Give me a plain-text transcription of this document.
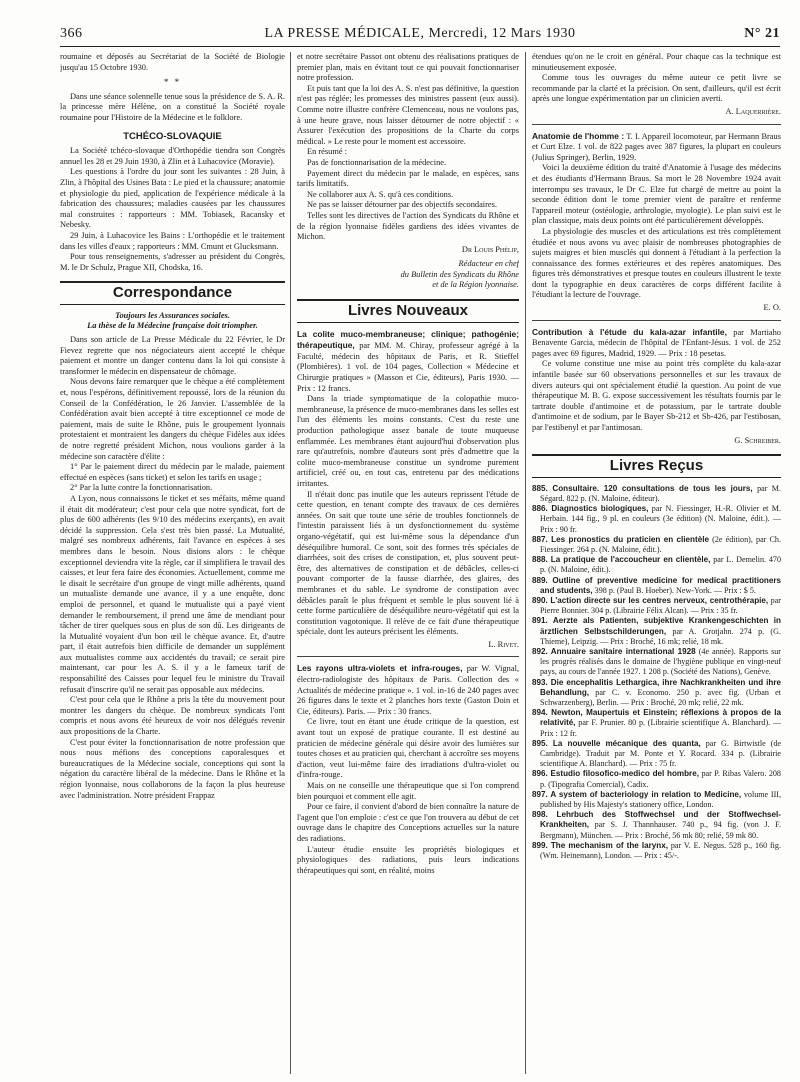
366	LA PRESSE MÉDICALE, Mercredi, 12 Mars 1930	N° 21

roumaine et déposés au Secrétariat de la Société de Biologie jusqu'au 15 Octobre 1930.

* *

Dans une séance solennelle tenue sous la présidence de S. A. R. la princesse mère Hélène, on a constitué la Société royale roumaine pour l'Histoire de la Médecine et le folklore.

TCHÉCO-SLOVAQUIE

La Société tchéco-slovaque d'Orthopédie tiendra son Congrès annuel les 28 et 29 Juin 1930, à Zlin et à Luhacovice (Moravie).

Les questions à l'ordre du jour sont les suivantes : 28 Juin, à Zlin, à l'hôpital des Usines Bata : Le pied et la chaussure; anatomie et physiologie du pied, application de l'expérience médicale à la fabrication des chaussures; maladies causées par les chaussures mal construites : rapporteurs : MM. Tobiasek, Racansky et Nebesky.

29 Juin, à Luhacovice les Bains : L'orthopédie et le traitement dans les villes d'eaux ; rapporteurs : MM. Cmunt et Glucksmann.

Pour tous renseignements, s'adresser au président du Congrès, M. le Dr Schulz, Prague XII, Chodska, 16.

Correspondance
Toujours les Assurances sociales.
La thèse de la Médecine française doit triompher.

Dans son article de La Presse Médicale du 22 Février, le Dr Fievez regrette que nos négociateurs aient accepté le chèque paiement et montre un danger contenu dans la loi qui consiste à transformer le médecin en dispensateur de chômage.

Nous devons faire remarquer que le chèque a été complètement et, nous l'espérons, définitivement repoussé, lors de la réunion du Conseil de la Confédération, le 26 Janvier. L'assemblée de la Confédération avait bien accepté à titre exceptionnel ce mode de paiement, mais de suite le Rhône, puis le groupement lyonnais protestaient et montraient les dangers du chèque Fidèles aux idées de notre regretté président Michon, nous voulions garder à la médecine son caractère d'élite :

1° Par le paiement direct du médecin par le malade, paiement effectué en espèces (sans ticket) et selon les tarifs en usage ;

2° Par la lutte contre la fonctionnarisation.

A Lyon, nous connaissons le ticket et ses méfaits, même quand il était dit modérateur; c'est pour cela que notre syndicat, fort de plus de 600 adhérents (les 9/10 des médecins exerçants), en avait décidé la suppression. Cela s'est très bien passé. La Mutualité, malgré ses nombreux adhérents, fait l'avance en espèces à ses membres dans le besoin. Nous disions alors : le chèque exceptionnel deviendra vite la règle, car il simplifiera le travail des caisses, et leur fera faire des économies. Actuellement, comme me le disait le secrétaire d'un groupe de vingt mille adhérents, quand un mutualiste demande une avance, il y a une enquête, donc emploi de personnel, et quand le mutualiste qui a payé vient demander le remboursement, il prend une âme de mendiant pour tâcher de tirer quelques sous en plus de son dû. Les dirigeants de la Mutualité voyaient d'un bon œil le chèque avance. Et, d'autre part, il était autrefois bien difficile de demander un supplément aux mutualistes comme aux accidentés du travail; ce serait pire maintenant, car pour les A. S. il y a le fameux tarif de responsabilité des Caisses pour lequel feu le ministre du Travail refusait d'inscrire qu'il ne serait pas opposable aux médecins.

C'est pour cela que le Rhône a pris la tête du mouvement pour montrer les dangers du chèque. De nombreux syndicats l'ont compris et nous avons été heureux de voir nos délégués revenir aux propositions de la Charte.

C'est pour éviter la fonctionnarisation de notre profession que nous nous méfions des conceptions caporalesques et bureaucratiques de la Médecine sociale, conceptions qui sont la négation du caractère libéral de la médecine. Dans le Rhône et la région lyonnaise, nous collaborons de la façon la plus heureuse avec l'administration. Notre président Frappaz

et notre secrétaire Passot ont obtenu des réalisations pratiques de premier plan, mais en évitant tout ce qui pouvait fonctionnariser notre profession.

Et puis tant que la loi des A. S. n'est pas définitive, la question n'est pas réglée; les promesses des ministres passent (eux aussi). Comme notre illustre confrère Clemenceau, nous ne voulons pas, à une heure grave, nous laisser détourner de notre objectif : « Assurer l'exécution des propositions de la Charte du corps médical. » Le reste pour le moment est accessoire.

En résumé :

Pas de fonctionnarisation de la médecine.

Payement direct du médecin par le malade, en espèces, sans tarifs limitatifs.

Ne collaborer aux A. S. qu'à ces conditions.

Ne pas se laisser détourner par des objectifs secondaires.

Telles sont les directives de l'action des Syndicats du Rhône et de la région lyonnaise fidèles gardiens des idées vivantes de Michon.

Dr Louis Phélip,
Rédacteur en chef
du Bulletin des Syndicats du Rhône
et de la Région lyonnaise.
Livres Nouveaux

La colite muco-membraneuse; clinique; pathogénie; thérapeutique, par MM. M. Chiray, professeur agrégé à la Faculté, médecin des hôpitaux de Paris, et R. Stieffel (Plombières). 1 vol. de 104 pages, Collection « Médecine et Chirurgie pratiques » (Masson et Cie, éditeurs), Paris 1930. — Prix : 12 francs.

Dans la triade symptomatique de la colopathie muco-membraneuse, la présence de muco-membranes dans les selles est l'un des éléments les moins constants. C'est du reste une production pathologique assez banale de toute muqueuse enflammée. Les membranes étant aujourd'hui d'observation plus rare qu'autrefois, nombre d'auteurs sont près d'admettre que la colite muco-membraneuse constitue un syndrome purement artificiel, créé ou, en tout cas, entretenu par des médications irritantes.

Il n'était donc pas inutile que les auteurs reprissent l'étude de cette question, en tenant compte des travaux de ces dernières années. On sait que toute une série de troubles fonctionnels de l'intestin paraissent liés à un dysfonctionnement du système organo-végétatif, qui est lui-même sous la dépendance d'un déséquilibre humoral. Ce sont, soit des formes très spéciales de diarrhées, soit des crises de constipation, et, plus souvent peut-être, des alternatives de constipation et de débâcles, celles-ci pouvant comporter de la fausse diarrhée, des glaires, des membranes et du sable. Le syndrome de constipation avec débâcles paraît le plus fréquent et semble le plus souvent lié à cette forme particulière de déséquilibre neuro-végétatif qui est la constitution vagotonique. Il relève de ce fait d'une thérapeutique spéciale, dont les auteurs précisent les éléments.

L. Rivet.

Les rayons ultra-violets et infra-rouges, par W. Vignal, électro-radiologiste des hôpitaux de Paris. Collection des « Actualités de médecine pratique ». 1 vol. in-16 de 240 pages avec 26 figures dans le texte et 2 planches hors texte (Gaston Doin et Cie, éditeurs). Paris. — Prix : 30 francs.

Ce livre, tout en étant une étude critique de la question, est avant tout un exposé de pratique courante. Il est destiné au praticien de médecine générale qui désire avoir des lumières sur toutes choses et au praticien qui, cherchant à accroître ses moyens d'action, veut lui-même faire des irradiations d'ultra-violet ou d'infra-rouge.

Mais on ne conseille une thérapeutique que si l'on comprend bien pourquoi et comment elle agit.

Pour ce faire, il convient d'abord de bien connaître la nature de l'agent que l'on emploie : c'est ce que l'on trouvera au début de cet ouvrage dans le chapitre des Conceptions actuelles sur la nature des radiations.

L'auteur étudie ensuite les propriétés biologiques et physiologiques des radiations, puis leurs indications thérapeutiques qui sont, en réalité, moins

étendues qu'on ne le croit en général. Pour chaque cas la technique est minutieusement exposée.

Comme tous les ouvrages du même auteur ce petit livre se recommande par la clarté et la précision. On sent, d'ailleurs, qu'il est écrit après une longue expérimentation par un clinicien averti.

A. Laquerrière.

Anatomie de l'homme : T. I. Appareil locomoteur, par Hermann Braus et Curt Elze. 1 vol. de 822 pages avec 387 figures, la plupart en couleurs (Julius Springer), Berlin, 1929.

Voici la deuxième édition du traité d'Anatomie à l'usage des médecins et des étudiants d'Hermann Braus. Sa mort le 28 Novembre 1924 avait interrompu ses travaux, le Dr C. Elze fut chargé de mettre au point la seconde édition dont le tome premier vient de paraître et renferme l'appareil moteur (ostéologie, arthrologie, myologie). Le plan suivi est le plan classique, mais deux points ont été particulièrement développés.

La physiologie des muscles et des articulations est très complètement étudiée et nous avons vu avec plaisir de nombreuses photographies de sujets maigres et bien musclés qui donnent à l'étudiant à la perfection la connaissance des formes extérieures et des repères anatomiques. Des figures très démonstratives et presque toutes en couleurs illustrent le texte dont la typographie en deux caractères de corps différent facilite à l'étudiant la lecture de l'ouvrage.

E. O.

Contribution à l'étude du kala-azar infantile, par Martiaho Benavente Garcia, médecin de l'hôpital de l'Enfant-Jésus. 1 vol. de 252 pages avec 69 figures, Madrid, 1929. — Prix : 18 pesetas.

Ce volume constitue une mise au point très complète du kala-azar infantile basée sur 60 observations personnelles et sur les travaux de divers auteurs qui ont spécialement étudié la question. Au point de vue thérapeutique M. B. G. expose successivement les résultats fournis par le tartrate double d'antimoine et de potassium, par le tartrate double d'antimoine et de sodium, par le Bayer Sb-212 et Sb-426, par l'estibosan, par l'estibenyl et par l'antimosan.

G. Schreiber.
Livres Reçus

885. Consultaire. 120 consultations de tous les jours, par M. Ségard. 822 p. (N. Maloine, éditeur).

886. Diagnostics biologiques, par N. Fiessinger, H.-R. Olivier et M. Herbain. 144 fig., 9 pl. en couleurs (3e édition) (N. Maloine, édit.). — Prix : 90 fr.

887. Les pronostics du praticien en clientèle (2e édition), par Ch. Fiessinger. 264 p. (N. Maloine, édit.).

888. La pratique de l'accoucheur en clientèle, par L. Demelin. 470 p. (N. Maloine, édit.).

889. Outline of preventive medicine for medical practitioners and students, 398 p. (Paul B. Hoeber). New-York. — Prix : $ 5.

890. L'action directe sur les centres nerveux, centrothérapie, par Pierre Bonnier. 304 p. (Librairie Félix Alcan). — Prix : 35 fr.

891. Aerzte als Patienten, subjektive Krankengeschichten in ärztlichen Selbstschilderungen, par A. Grotjahn. 274 p. (G. Thieme), Leipzig. — Prix : Broché, 16 mk; relié, 18 mk.

892. Annuaire sanitaire international 1928 (4e année). Rapports sur les progrès réalisés dans le domaine de l'hygiène publique en vingt-neuf pays, au cours de l'année 1927. 1 208 p. (Société des Nations), Genève.

893. Die encephalitis Lethargica, ihre Nachkrankheiten und ihre Behandlung, par C. v. Economo. 250 p. avec fig. (Urban et Schwarzenberg), Berlin. — Prix : Broché, 20 mk; relié, 22 mk.

894. Newton, Maupertuis et Einstein; réflexions à propos de la relativité, par F. Prunier. 80 p. (Librairie scientifique A. Blanchard). — Prix : 12 fr.

895. La nouvelle mécanique des quanta, par G. Birtwistle (de Cambridge). Traduit par M. Ponte et Y. Rocard. 334 p. (Librairie scientifique A. Blanchard). — Prix : 75 fr.

896. Estudio filosofico-medico del hombre, par P. Ribas Valero. 208 p. (Tipografia Comercial), Cadix.

897. A system of bacteriology in relation to Medicine, volume III, published by His Majesty's stationery office, London.

898. Lehrbuch des Stoffwechsel und der Stoffwechsel-Krankheiten, par S. J. Thannhauser. 740 p., 94 fig. (von J. F. Bergmann), München. — Prix : Broché, 56 mk 80; relié, 59 mk 80.

899. The mechanism of the larynx, par V. E. Negus. 528 p., 160 fig. (Wm. Heinemann), London. — Prix : 45/-.
